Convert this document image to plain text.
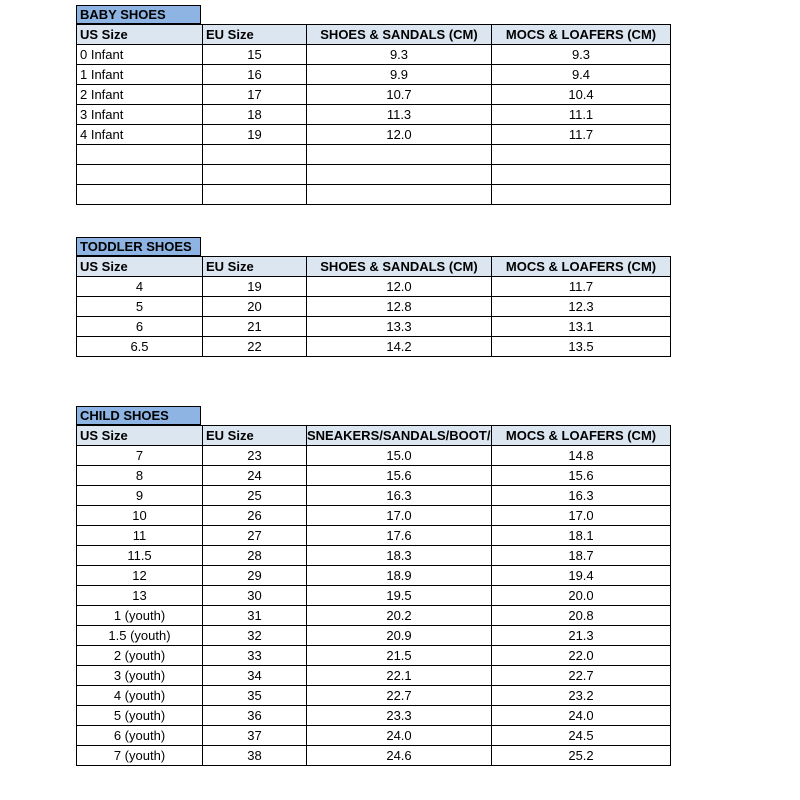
BABY SHOES
US Size	EU Size	SHOES & SANDALS (CM)	MOCS & LOAFERS (CM)
0 Infant	15	9.3	9.3
1 Infant	16	9.9	9.4
2 Infant	17	10.7	10.4
3 Infant	18	11.3	11.1
4 Infant	19	12.0	11.7

TODDLER SHOES
US Size	EU Size	SHOES & SANDALS (CM)	MOCS & LOAFERS (CM)
4	19	12.0	11.7
5	20	12.8	12.3
6	21	13.3	13.1
6.5	22	14.2	13.5
CHILD SHOES
US Size	EU Size	/SNEAKERS/SANDALS/BOOT	MOCS & LOAFERS (CM)
7	23	15.0	14.8
8	24	15.6	15.6
9	25	16.3	16.3
10	26	17.0	17.0
11	27	17.6	18.1
11.5	28	18.3	18.7
12	29	18.9	19.4
13	30	19.5	20.0
1 (youth)	31	20.2	20.8
1.5 (youth)	32	20.9	21.3
2 (youth)	33	21.5	22.0
3 (youth)	34	22.1	22.7
4 (youth)	35	22.7	23.2
5 (youth)	36	23.3	24.0
6 (youth)	37	24.0	24.5
7 (youth)	38	24.6	25.2
